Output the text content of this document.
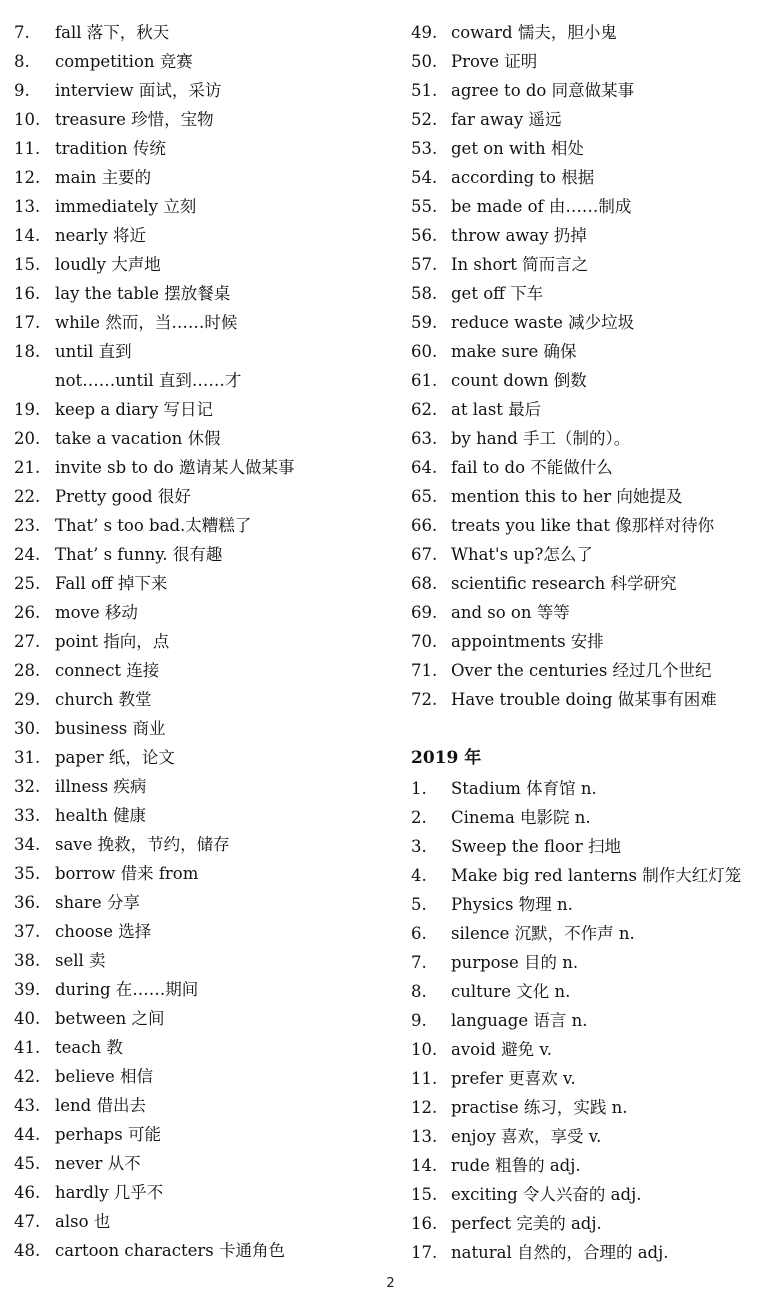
7.	fall 落下，秋天
8.	competition 竞赛
9.	interview 面试，采访
10. treasure 珍惜，宝物
11. tradition 传统
12. main 主要的
13. immediately 立刻
14. nearly 将近
15. loudly 大声地
16. lay the table 摆放餐桌
17. while 然而，当……时候
18. until 直到
not……until 直到……才
19. keep a diary 写日记
20. take a vacation 休假
21. invite sb to do 邀请某人做某事
22. Pretty good 很好
23. That’ s too bad.太糟糕了
24. That’ s funny. 很有趣
25. Fall off 掉下来
26. move 移动
27. point 指向，点
28. connect 连接
29. church 教堂
30. business 商业
31. paper 纸，论文
32. illness 疾病
33. health 健康
34. save 挽救，节约，储存
35. borrow 借来 from
36. share 分享
37. choose 选择
38. sell 卖
39. during 在……期间
40. between 之间
41. teach 教
42. believe 相信
43. lend 借出去
44. perhaps 可能
45. never 从不
46. hardly 几乎不
47. also 也
48. cartoon characters 卡通角色
49. coward 懦夫，胆小鬼
50. Prove 证明
51. agree to do 同意做某事
52. far away 遥远
53. get on with 相处
54. according to 根据
55. be made of 由……制成
56. throw away 扔掉
57. In short 简而言之
58. get off 下车
59. reduce waste 减少垃圾
60. make sure 确保
61. count down 倒数
62. at last 最后
63. by hand 手工（制的）。
64. fail to do 不能做什么
65. mention this to her 向她提及
66. treats you like that 像那样对待你
67. What's up?怎么了
68. scientific research 科学研究
69. and so on 等等
70. appointments 安排
71. Over the centuries 经过几个世纪
72. Have trouble doing 做某事有困难
2019 年
1.	Stadium 体育馆 n.
2.	Cinema 电影院 n.
3.	Sweep the floor 扫地
4.	Make big red lanterns 制作大红灯笼
5.	Physics 物理 n.
6.	silence 沉默，不作声 n.
7.	purpose 目的 n.
8.	culture 文化 n.
9.	language 语言 n.
10. avoid 避免 v.
11. prefer 更喜欢 v.
12. practise 练习，实践 n.
13. enjoy 喜欢，享受 v.
14. rude 粗鲁的 adj.
15. exciting 令人兴奋的 adj.
16. perfect 完美的 adj.
17. natural 自然的，合理的 adj.
2
